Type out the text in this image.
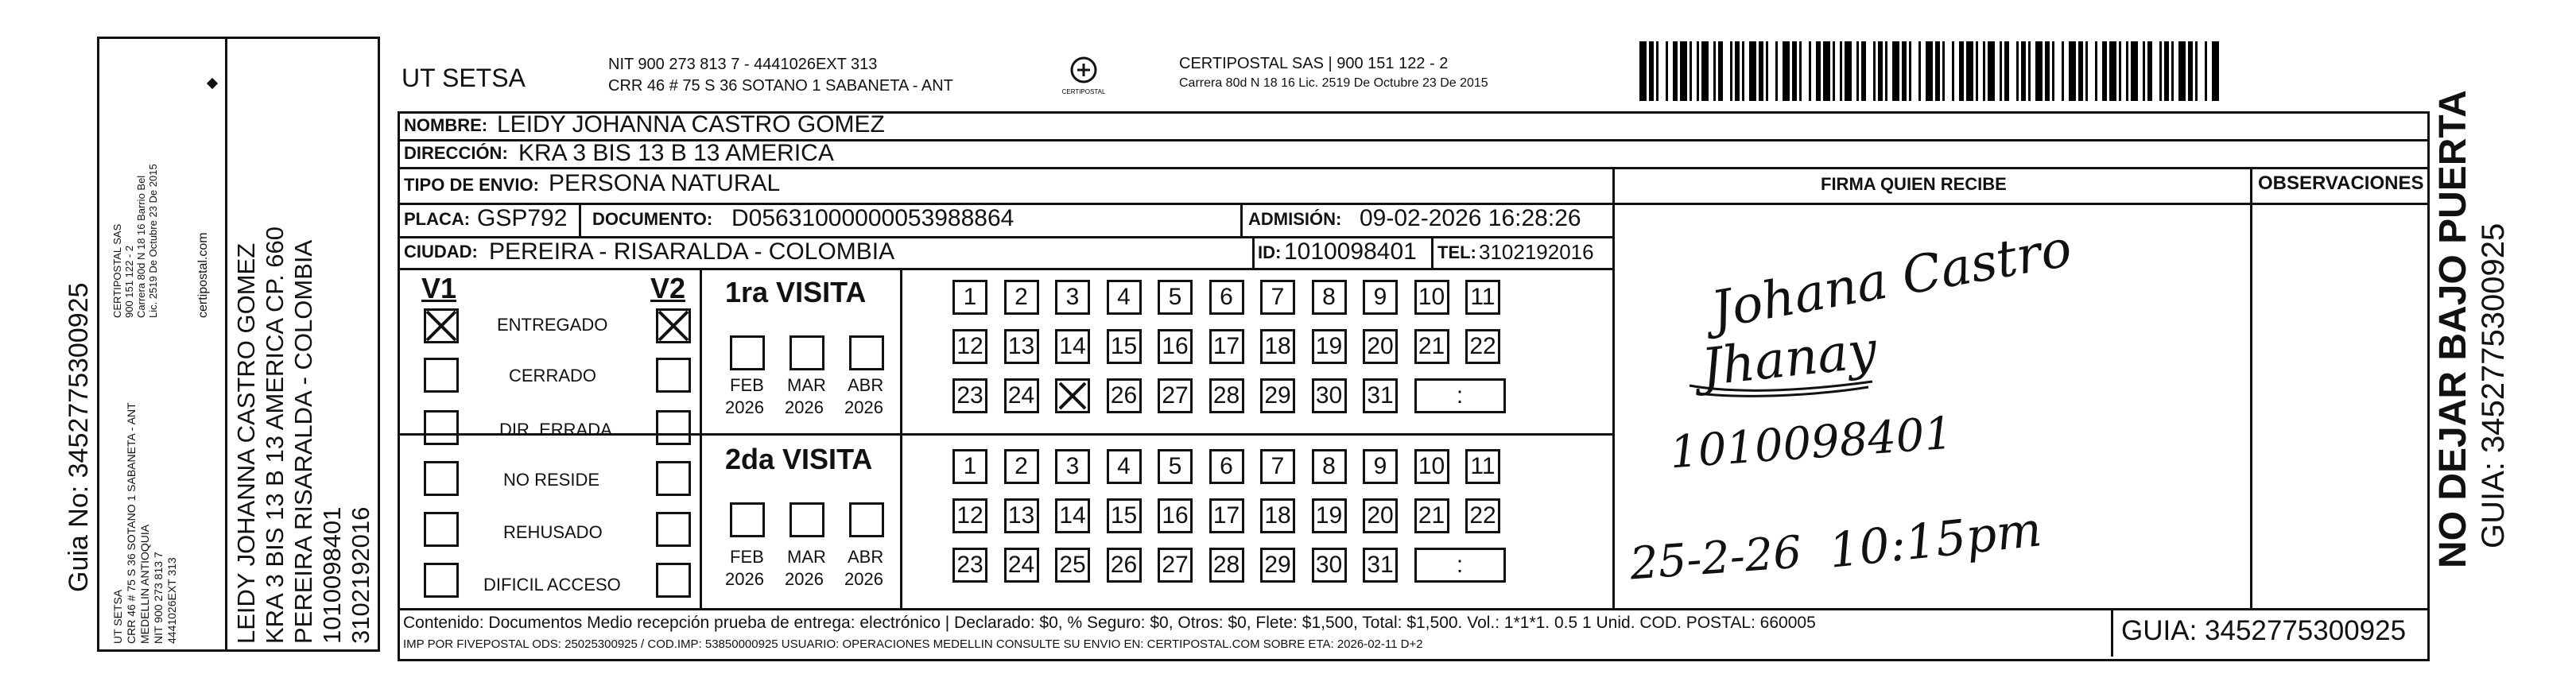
Guia No: 3452775300925
UT SETSA CRR 46 # 75 S 36 SOTANO 1 SABANETA - ANT MEDELLIN ANTIOQUIA NIT 900 273 813 7 4441026EXT 313
CERTIPOSTAL SAS 900 151 122 - 2 Carrera 80d N 18 16 Barrio Bel Lic. 2519 De Octubre 23 De 2015	certipostal.com LEIDY JOHANNA CASTRO GOMEZ KRA 3 BIS 13 B 13 AMERICA CP. 660 PEREIRA RISARALDA - COLOMBIA 1010098401 3102192016
UT SETSA	NIT 900 273 813 7 - 4441026EXT 313
CRR 46 # 75 S 36 SOTANO 1 SABANETA - ANT	CERTIPOSTAL
CERTIPOSTAL SAS | 900 151 122 - 2
Carrera 80d N 18 16 Lic. 2519 De Octubre 23 De 2015
NOMBRE: LEIDY JOHANNA CASTRO GOMEZ
DIRECCIÓN: KRA 3 BIS 13 B 13 AMERICA
TIPO DE ENVIO: PERSONA NATURAL
PLACA: GSP792 DOCUMENTO: D05631000000053988864	ADMISIÓN: 09-02-2026 16:28:26
CIUDAD: PEREIRA - RISARALDA - COLOMBIA	ID: 1010098401 TEL: 3102192016
V1	V2
ENTREGADO
CERRADO
DIR. ERRADA
NO RESIDE
REHUSADO
DIFICIL ACCESO
1ra VISITA
FEB MAR ABR
2026 2026 2026
2da VISITA
FEB MAR ABR
2026 2026 2026
FIRMA QUIEN RECIBE
Johana Castro
Jhanay
1010098401
25-2-26 10:15pm
OBSERVACIONES
Contenido: Documentos Medio recepción prueba de entrega: electrónico | Declarado: $0, % Seguro: $0, Otros: $0, Flete: $1,500, Total: $1,500. Vol.: 1*1*1. 0.5 1 Unid. COD. POSTAL: 660005
IMP POR FIVEPOSTAL ODS: 25025300925 / COD.IMP: 53850000925 USUARIO: OPERACIONES MEDELLIN CONSULTE SU ENVIO EN: CERTIPOSTAL.COM SOBRE ETA: 2026-02-11 D+2	GUIA: 3452775300925
NO DEJAR BAJO PUERTA GUIA: 3452775300925
1	2	3	4	5	6	7	8	9	10 11
12 13 14 15 16 17 18 19 20 21 22
23 24	26 27 28 29 30 31	:
1	2	3	4	5	6	7	8	9	10 11
12 13 14 15 16 17 18 19 20 21 22
23 24 25 26 27 28 29 30 31	:
